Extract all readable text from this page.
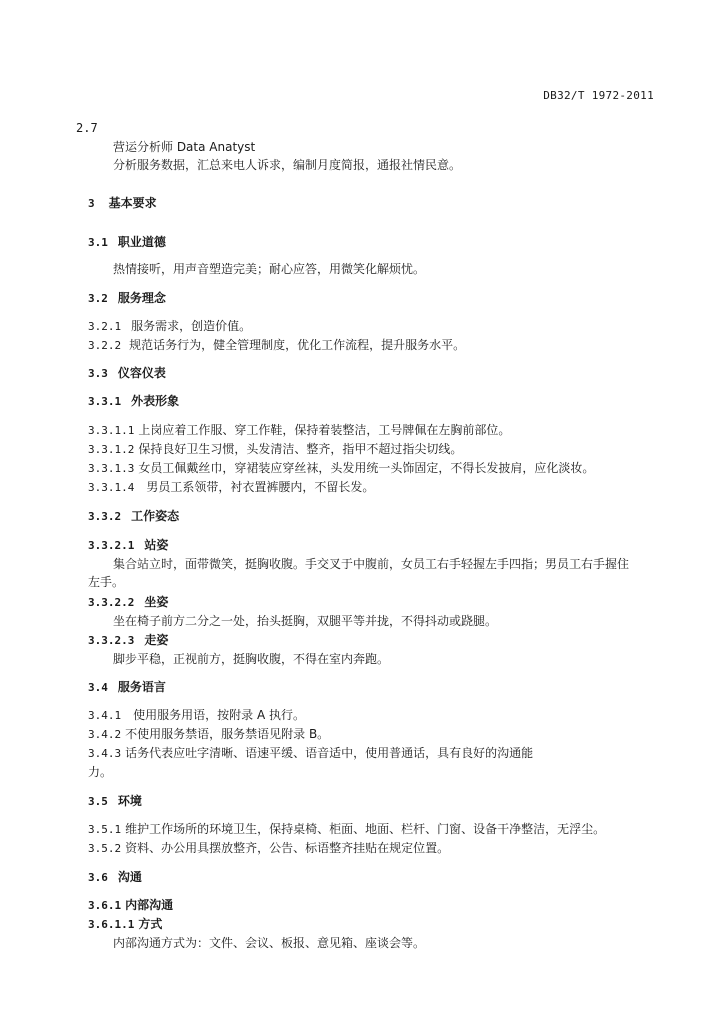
DB32/T 1972-2011
2.7
营运分析师 Data Anatyst
分析服务数据，汇总来电人诉求，编制月度简报，通报社情民意。
3 基本要求
3.1 职业道德
热情接听，用声音塑造完美；耐心应答，用微笑化解烦忧。
3.2 服务理念
3.2.1 服务需求，创造价值。
3.2.2 规范话务行为，健全管理制度，优化工作流程，提升服务水平。
3.3 仪容仪表
3.3.1 外表形象
3.3.1.1 上岗应着工作服、穿工作鞋，保持着装整洁，工号牌佩在左胸前部位。
3.3.1.2 保持良好卫生习惯，头发清洁、整齐，指甲不超过指尖切线。
3.3.1.3 女员工佩戴丝巾，穿裙装应穿丝袜，头发用统一头饰固定，不得长发披肩，应化淡妆。
3.3.1.4 男员工系领带，衬衣置裤腰内，不留长发。
3.3.2 工作姿态
3.3.2.1 站姿
集合站立时，面带微笑，挺胸收腹。手交叉于中腹前，女员工右手轻握左手四指；男员工右手握住
左手。
3.3.2.2 坐姿
坐在椅子前方二分之一处，抬头挺胸，双腿平等并拢，不得抖动或跷腿。
3.3.2.3 走姿
脚步平稳，正视前方，挺胸收腹，不得在室内奔跑。
3.4 服务语言
3.4.1 使用服务用语，按附录 A 执行。
3.4.2 不使用服务禁语，服务禁语见附录 B。
3.4.3 话务代表应吐字清晰、语速平缓、语音适中，使用普通话，具有良好的沟通能
力。
3.5 环境
3.5.1 维护工作场所的环境卫生，保持桌椅、柜面、地面、栏杆、门窗、设备干净整洁，无浮尘。
3.5.2 资料、办公用具摆放整齐，公告、标语整齐挂贴在规定位置。
3.6 沟通
3.6.1 内部沟通
3.6.1.1 方式
内部沟通方式为：文件、会议、板报、意见箱、座谈会等。
